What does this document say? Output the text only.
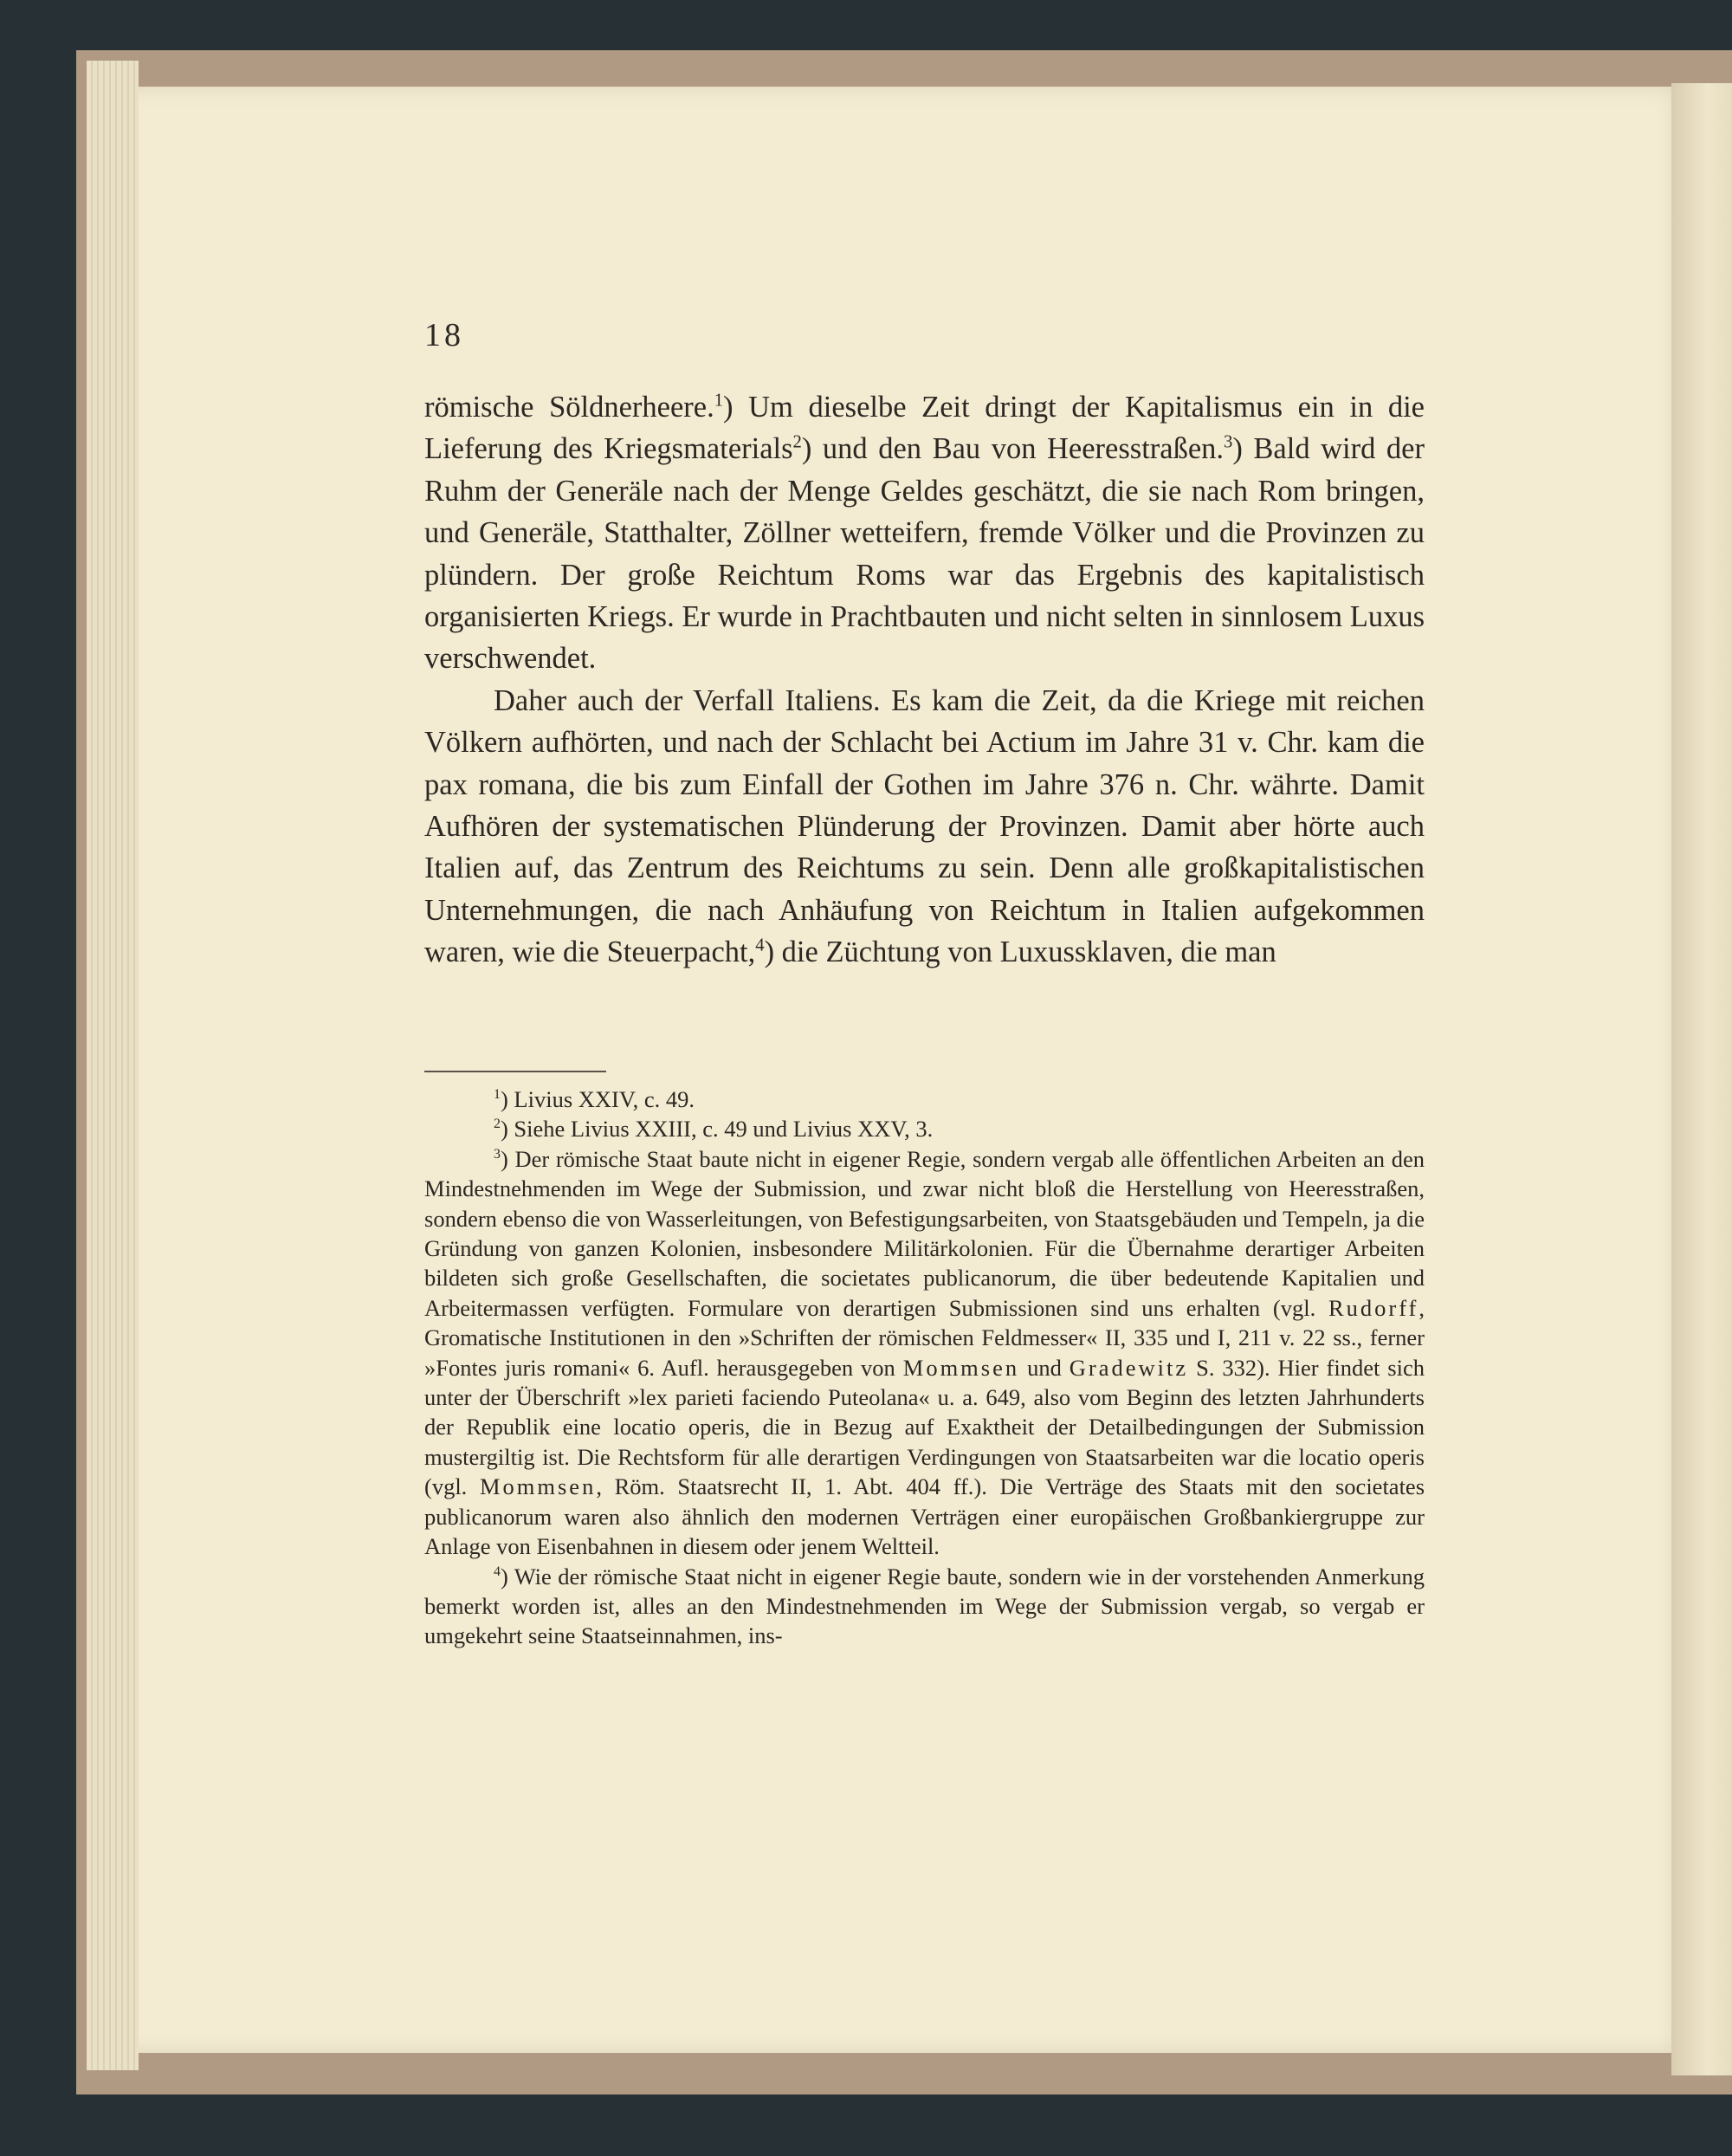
18

römische Söldnerheere.$^1$) Um dieselbe Zeit dringt der Kapitalismus ein in die Lieferung des Kriegsmaterials$^2$) und den Bau von Heeresstraßen.$^3$) Bald wird der Ruhm der Generäle nach der Menge Geldes geschätzt, die sie nach Rom bringen, und Generäle, Statthalter, Zöllner wetteifern, fremde Völker und die Provinzen zu plündern. Der große Reichtum Roms war das Ergebnis des kapitalistisch organisierten Kriegs. Er wurde in Prachtbauten und nicht selten in sinnlosem Luxus verschwendet.

Daher auch der Verfall Italiens. Es kam die Zeit, da die Kriege mit reichen Völkern aufhörten, und nach der Schlacht bei Actium im Jahre 31 v. Chr. kam die pax romana, die bis zum Einfall der Gothen im Jahre 376 n. Chr. währte. Damit Aufhören der systematischen Plünderung der Provinzen. Damit aber hörte auch Italien auf, das Zentrum des Reichtums zu sein. Denn alle großkapitalistischen Unternehmungen, die nach Anhäufung von Reichtum in Italien aufgekommen waren, wie die Steuerpacht,$^4$) die Züchtung von Luxussklaven, die man

$^1$) Livius XXIV, c. 49.

$^2$) Siehe Livius XXIII, c. 49 und Livius XXV, 3.

$^3$) Der römische Staat baute nicht in eigener Regie, sondern vergab alle öffentlichen Arbeiten an den Mindestnehmenden im Wege der Submission, und zwar nicht bloß die Herstellung von Heeresstraßen, sondern ebenso die von Wasserleitungen, von Befestigungsarbeiten, von Staatsgebäuden und Tempeln, ja die Gründung von ganzen Kolonien, insbesondere Militärkolonien. Für die Übernahme derartiger Arbeiten bildeten sich große Gesellschaften, die societates publicanorum, die über bedeutende Kapitalien und Arbeitermassen verfügten. Formulare von derartigen Submissionen sind uns erhalten (vgl. Rudorff, Gromatische Institutionen in den »Schriften der römischen Feldmesser« II, 335 und I, 211 v. 22 ss., ferner »Fontes juris romani« 6. Aufl. herausgegeben von Mommsen und Gradewitz S. 332). Hier findet sich unter der Überschrift »lex parieti faciendo Puteolana« u. a. 649, also vom Beginn des letzten Jahrhunderts der Republik eine locatio operis, die in Bezug auf Exaktheit der Detailbedingungen der Submission mustergiltig ist. Die Rechtsform für alle derartigen Verdingungen von Staatsarbeiten war die locatio operis (vgl. Mommsen, Röm. Staatsrecht II, 1. Abt. 404 ff.). Die Verträge des Staats mit den societates publicanorum waren also ähnlich den modernen Verträgen einer europäischen Großbankiergruppe zur Anlage von Eisenbahnen in diesem oder jenem Weltteil.

$^4$) Wie der römische Staat nicht in eigener Regie baute, sondern wie in der vorstehenden Anmerkung bemerkt worden ist, alles an den Mindestnehmenden im Wege der Submission vergab, so vergab er umgekehrt seine Staatseinnahmen, ins-
